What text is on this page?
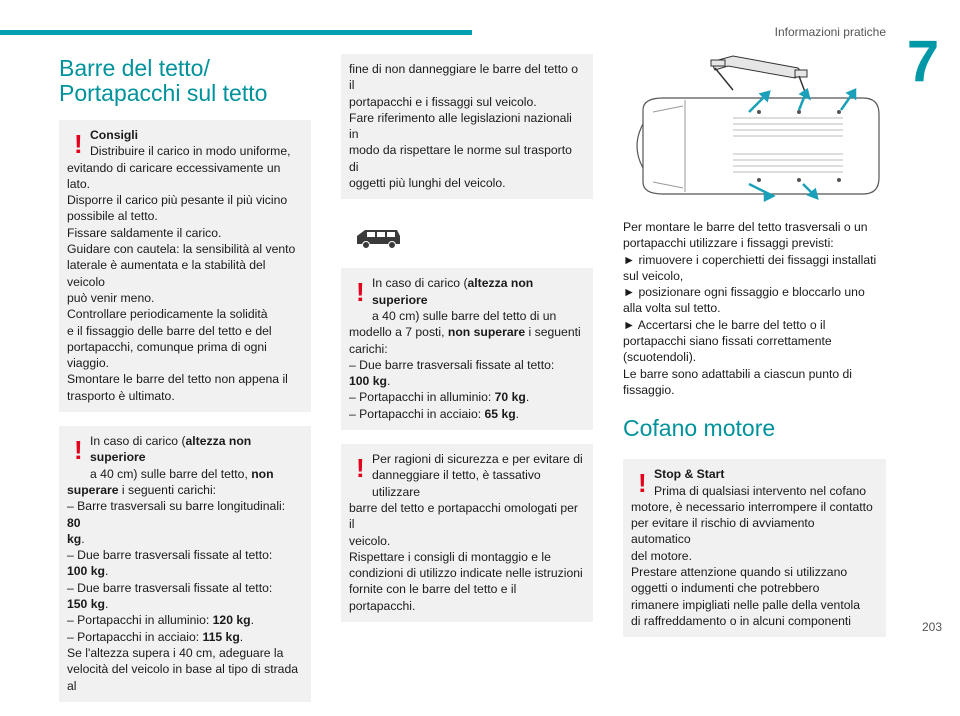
Informazioni pratiche 7
Barre del tetto/
Portapacchi sul tetto
! Consigli
Distribuire il carico in modo uniforme,
evitando di caricare eccessivamente un lato.
Disporre il carico più pesante il più vicino
possibile al tetto.
Fissare saldamente il carico.
Guidare con cautela: la sensibilità al vento
laterale è aumentata e la stabilità del veicolo
può venir meno.
Controllare periodicamente la solidità
e il fissaggio delle barre del tetto e del
portapacchi, comunque prima di ogni viaggio.
Smontare le barre del tetto non appena il
trasporto è ultimato.
! In caso di carico (altezza non superiore
a 40 cm) sulle barre del tetto, non
superare i seguenti carichi:
– Barre trasversali su barre longitudinali: 80
kg.
– Due barre trasversali fissate al tetto:
100 kg.
– Due barre trasversali fissate al tetto:
150 kg.
– Portapacchi in alluminio: 120 kg.
– Portapacchi in acciaio: 115 kg.
Se l'altezza supera i 40 cm, adeguare la
velocità del veicolo in base al tipo di strada al
fine di non danneggiare le barre del tetto o il
portapacchi e i fissaggi sul veicolo.
Fare riferimento alle legislazioni nazionali in
modo da rispettare le norme sul trasporto di
oggetti più lunghi del veicolo.
! In caso di carico (altezza non superiore
a 40 cm) sulle barre del tetto di un
modello a 7 posti, non superare i seguenti
carichi:
– Due barre trasversali fissate al tetto:
100 kg.
– Portapacchi in alluminio: 70 kg.
– Portapacchi in acciaio: 65 kg.
! Per ragioni di sicurezza e per evitare di
danneggiare il tetto, è tassativo utilizzare
barre del tetto e portapacchi omologati per il
veicolo.
Rispettare i consigli di montaggio e le
condizioni di utilizzo indicate nelle istruzioni
fornite con le barre del tetto e il portapacchi.
Per montare le barre del tetto trasversali o un
portapacchi utilizzare i fissaggi previsti:
► rimuovere i coperchietti dei fissaggi installati
sul veicolo,
► posizionare ogni fissaggio e bloccarlo uno
alla volta sul tetto.
► Accertarsi che le barre del tetto o il
portapacchi siano fissati correttamente
(scuotendoli).
Le barre sono adattabili a ciascun punto di
fissaggio.
Cofano motore
! Stop & Start
Prima di qualsiasi intervento nel cofano
motore, è necessario interrompere il contatto
per evitare il rischio di avviamento automatico
del motore.
Prestare attenzione quando si utilizzano
oggetti o indumenti che potrebbero
rimanere impigliati nelle palle della ventola
di raffreddamento o in alcuni componenti	203
